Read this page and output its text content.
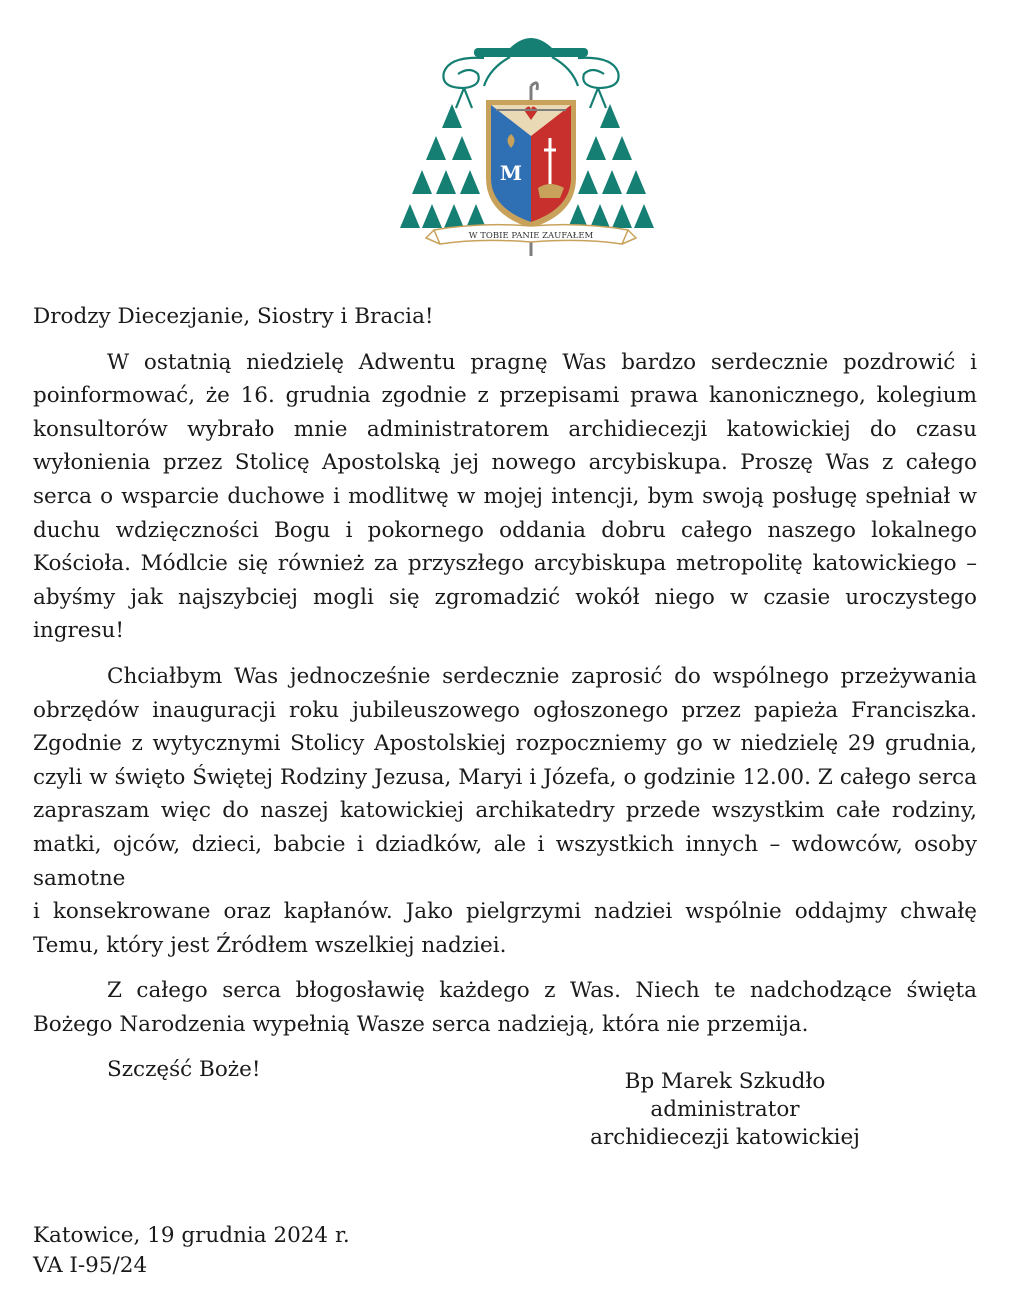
M
W TOBIE PANIE ZAUFAŁEM

Drodzy Diecezjanie, Siostry i Bracia!

W ostatnią niedzielę Adwentu pragnę Was bardzo serdecznie pozdrowić i poinformować, że 16. grudnia zgodnie z przepisami prawa kanonicznego, kolegium konsultorów wybrało mnie administratorem archidiecezji katowickiej do czasu wyłonienia przez Stolicę Apostolską jej nowego arcybiskupa. Proszę Was z całego serca o wsparcie duchowe i modlitwę w mojej intencji, bym swoją posługę spełniał w duchu wdzięczności Bogu i pokornego oddania dobru całego naszego lokalnego Kościoła. Módlcie się również za przyszłego arcybiskupa metropolitę katowickiego – abyśmy jak najszybciej mogli się zgromadzić wokół niego w czasie uroczystego ingresu!

Chciałbym Was jednocześnie serdecznie zaprosić do wspólnego przeżywania obrzędów inauguracji roku jubileuszowego ogłoszonego przez papieża Franciszka. Zgodnie z wytycznymi Stolicy Apostolskiej rozpoczniemy go w niedzielę 29 grudnia, czyli w święto Świętej Rodziny Jezusa, Maryi i Józefa, o godzinie 12.00. Z całego serca zapraszam więc do naszej katowickiej archikatedry przede wszystkim całe rodziny, matki, ojców, dzieci, babcie i dziadków, ale i wszystkich innych – wdowców, osoby samotne
i konsekrowane oraz kapłanów. Jako pielgrzymi nadziei wspólnie oddajmy chwałę Temu, który jest Źródłem wszelkiej nadziei.

Z całego serca błogosławię każdego z Was. Niech te nadchodzące święta Bożego Narodzenia wypełnią Wasze serca nadzieją, która nie przemija.

Szczęść Boże!	Bp Marek Szkudło
administrator
archidiecezji katowickiej
Katowice, 19 grudnia 2024 r.
VA I-95/24
